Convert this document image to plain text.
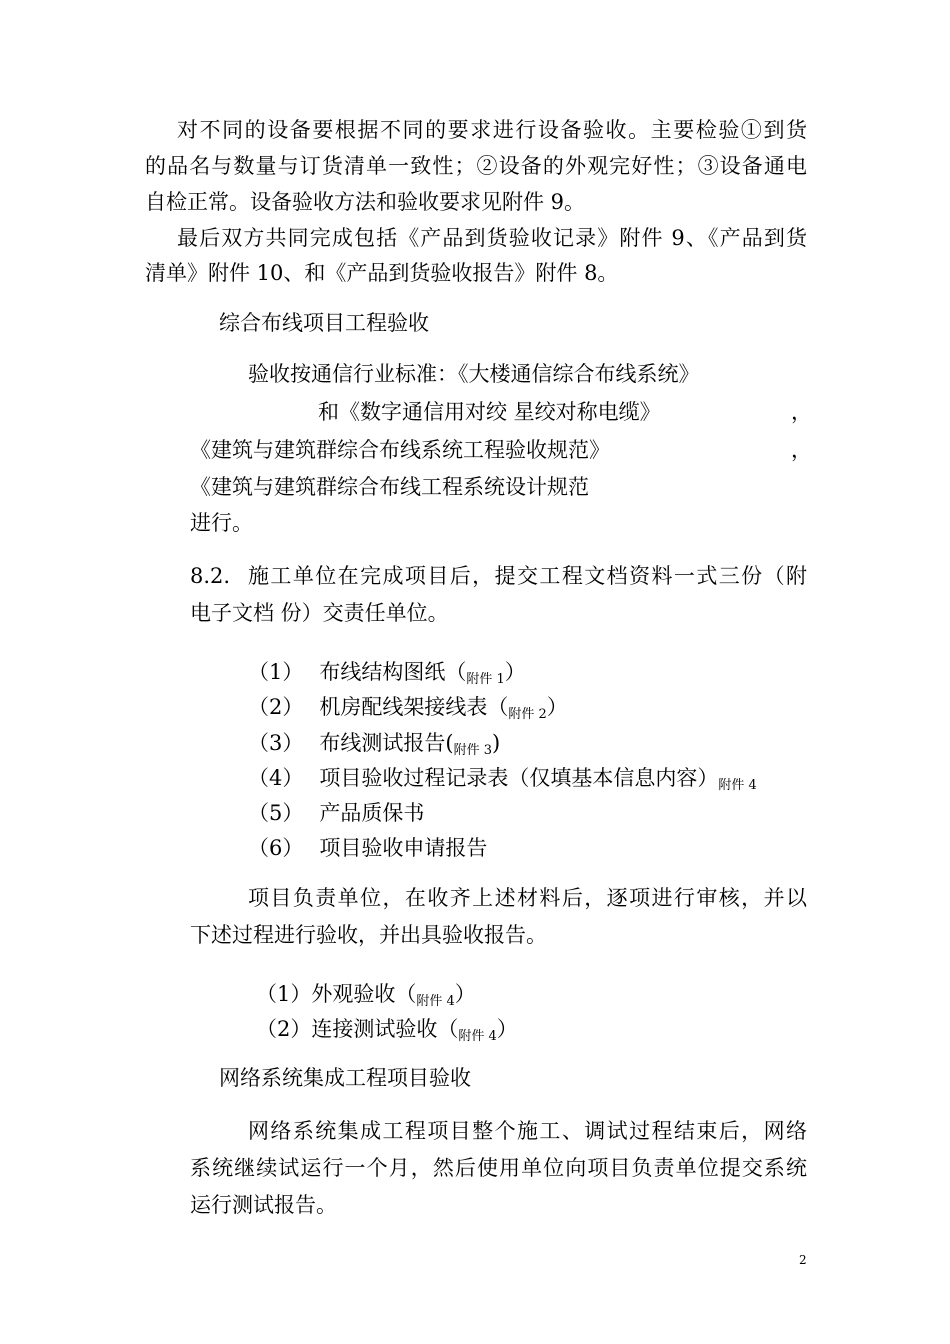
对不同的设备要根据不同的要求进行设备验收。主要检验①到货
的品名与数量与订货清单一致性；②设备的外观完好性；③设备通电
自检正常。设备验收方法和验收要求见附件 9。
最后双方共同完成包括《产品到货验收记录》附件 9、《产品到货
清单》附件 10、和《产品到货验收报告》附件 8。
综合布线项目工程验收
验收按通信行业标准：《大楼通信综合布线系统》
和《数字通信用对绞 星绞对称电缆》	，
《建筑与建筑群综合布线系统工程验收规范》	，
《建筑与建筑群综合布线工程系统设计规范
进行。
8.2. 施工单位在完成项目后，提交工程文档资料一式三份（附
电子文档 份）交责任单位。
（1） 布线结构图纸$(_{附件 1})$
（2） 机房配线架接线表$(_{附件 2})$
（3） 布线测试报告$(_{附件 3})$
（4） 项目验收过程记录表（仅填基本信息内容）$_{附件 4}$
（5） 产品质保书
（6） 项目验收申请报告
项目负责单位，在收齐上述材料后，逐项进行审核，并以
下述过程进行验收，并出具验收报告。
（1）外观验收$(_{附件 4})$
（2）连接测试验收$(_{附件 4})$
网络系统集成工程项目验收
网络系统集成工程项目整个施工、调试过程结束后，网络
系统继续试运行一个月，然后使用单位向项目负责单位提交系统
运行测试报告。
2
